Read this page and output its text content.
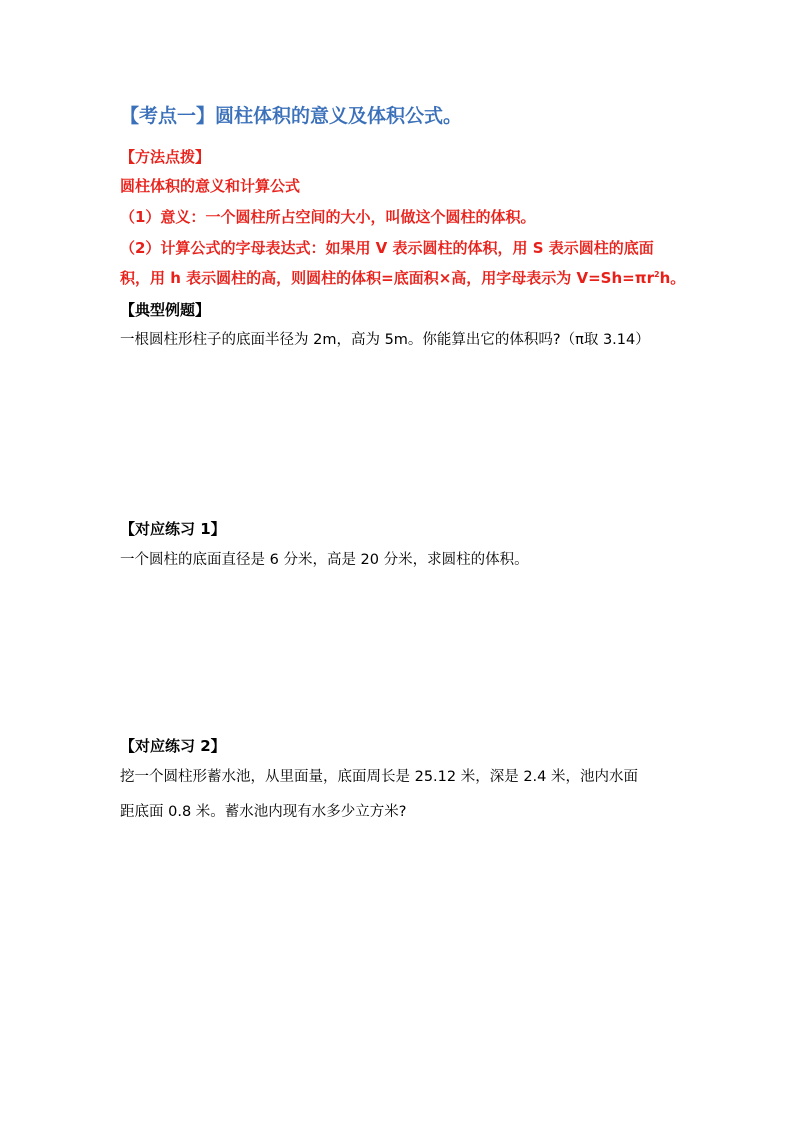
【考点一】圆柱体积的意义及体积公式。
【方法点拨】
圆柱体积的意义和计算公式
（1）意义：一个圆柱所占空间的大小，叫做这个圆柱的体积。
（2）计算公式的字母表达式：如果用 V 表示圆柱的体积，用 S 表示圆柱的底面
积，用 h 表示圆柱的高，则圆柱的体积=底面积×高，用字母表示为 $V=Sh=\pi r^2h$。
【典型例题】
一根圆柱形柱子的底面半径为 2m，高为 5m。你能算出它的体积吗?（π取 3.14）
【对应练习 1】
一个圆柱的底面直径是 6 分米，高是 20 分米，求圆柱的体积。
【对应练习 2】
挖一个圆柱形蓄水池，从里面量，底面周长是 25.12 米，深是 2.4 米，池内水面
距底面 0.8 米。蓄水池内现有水多少立方米?
